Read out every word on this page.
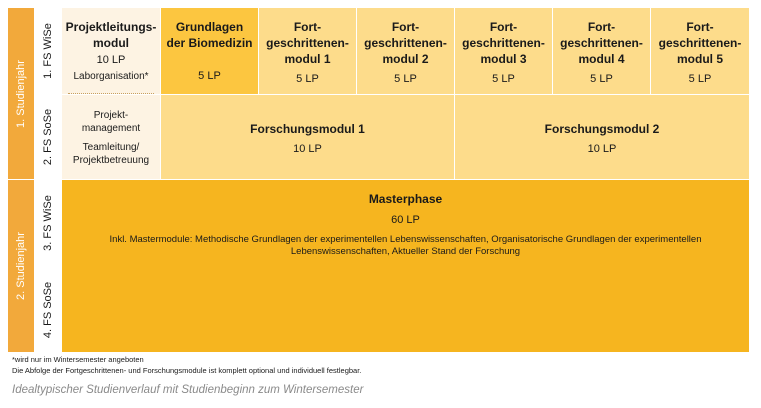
1. Studienjahr
2. Studienjahr
1. FS WiSe
2. FS SoSe
3. FS WiSe
4. FS SoSe
Projektleitungs-
modul
10 LP
Laborganisation*
Grundlagen
der Biomedizin
5 LP
Fort-
geschrittenen-
modul 1
5 LP
Fort-
geschrittenen-
modul 2
5 LP
Fort-
geschrittenen-
modul 3
5 LP
Fort-
geschrittenen-
modul 4
5 LP
Fort-
geschrittenen-
modul 5
5 LP
Projekt-
management
Teamleitung/
Projektbetreuung
Forschungsmodul 1
10 LP
Forschungsmodul 2
10 LP
Masterphase
60 LP
Inkl. Mastermodule: Methodische Grundlagen der experimentellen Lebenswissenschaften, Organisatorische Grundlagen der experimentellen
Lebenswissenschaften, Aktueller Stand der Forschung
*wird nur im Wintersemester angeboten
Die Abfolge der Fortgeschrittenen- und Forschungsmodule ist komplett optional und individuell festlegbar.
Idealtypischer Studienverlauf mit Studienbeginn zum Wintersemester
